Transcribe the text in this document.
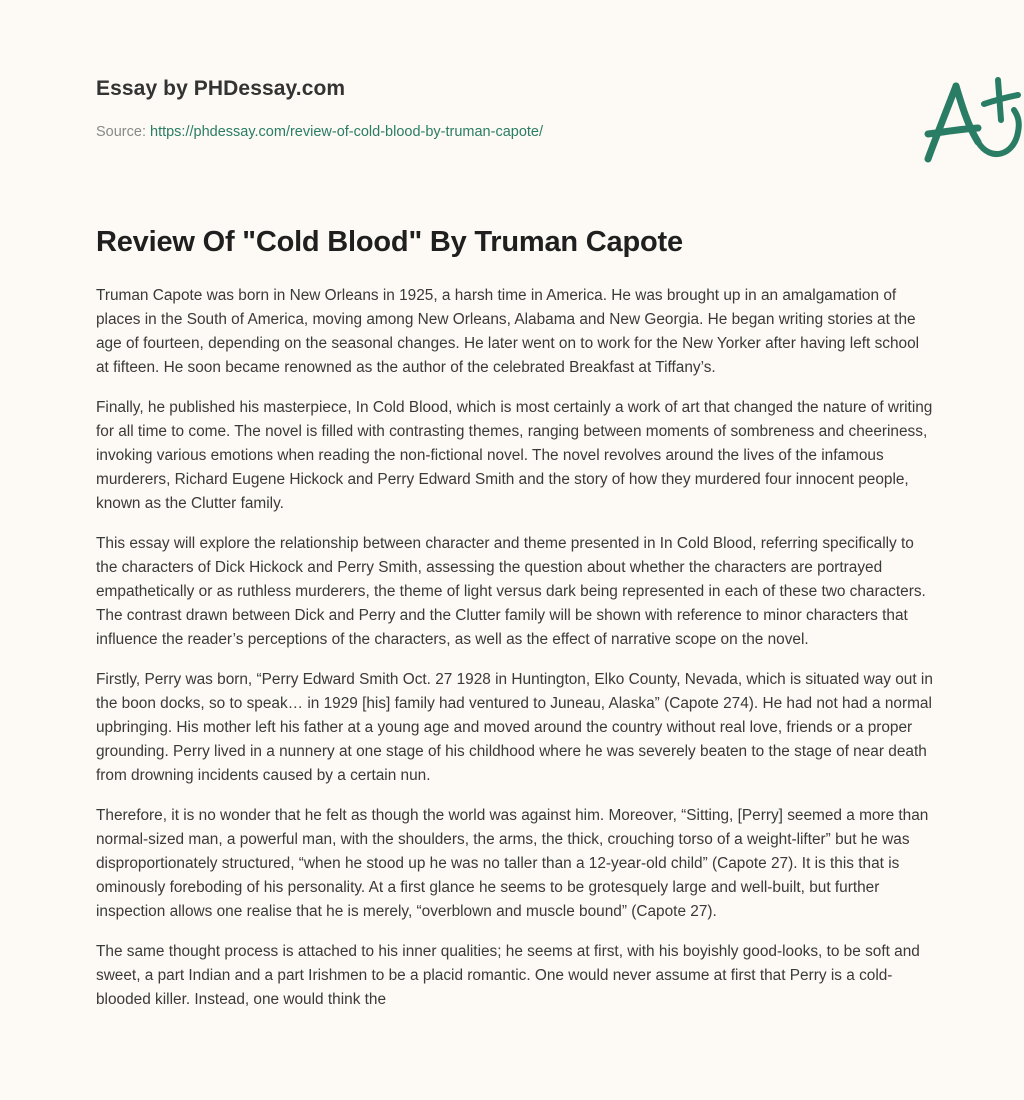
Essay by PHDessay.com
Source: https://phdessay.com/review-of-cold-blood-by-truman-capote/
Review Of "Cold Blood" By Truman Capote

Truman Capote was born in New Orleans in 1925, a harsh time in America. He was brought up in an amalgamation of places in the South of America, moving among New Orleans, Alabama and New Georgia. He began writing stories at the age of fourteen, depending on the seasonal changes. He later went on to work for the New Yorker after having left school at fifteen. He soon became renowned as the author of the celebrated Breakfast at Tiffany’s.

Finally, he published his masterpiece, In Cold Blood, which is most certainly a work of art that changed the nature of writing for all time to come. The novel is filled with contrasting themes, ranging between moments of sombreness and cheeriness, invoking various emotions when reading the non-fictional novel. The novel revolves around the lives of the infamous murderers, Richard Eugene Hickock and Perry Edward Smith and the story of how they murdered four innocent people, known as the Clutter family.

This essay will explore the relationship between character and theme presented in In Cold Blood, referring specifically to the characters of Dick Hickock and Perry Smith, assessing the question about whether the characters are portrayed empathetically or as ruthless murderers, the theme of light versus dark being represented in each of these two characters. The contrast drawn between Dick and Perry and the Clutter family will be shown with reference to minor characters that influence the reader’s perceptions of the characters, as well as the effect of narrative scope on the novel.

Firstly, Perry was born, “Perry Edward Smith Oct. 27 1928 in Huntington, Elko County, Nevada, which is situated way out in the boon docks, so to speak… in 1929 [his] family had ventured to Juneau, Alaska” (Capote 274). He had not had a normal upbringing. His mother left his father at a young age and moved around the country without real love, friends or a proper grounding. Perry lived in a nunnery at one stage of his childhood where he was severely beaten to the stage of near death from drowning incidents caused by a certain nun.

Therefore, it is no wonder that he felt as though the world was against him. Moreover, “Sitting, [Perry] seemed a more than normal-sized man, a powerful man, with the shoulders, the arms, the thick, crouching torso of a weight-lifter” but he was disproportionately structured, “when he stood up he was no taller than a 12-year-old child” (Capote 27). It is this that is ominously foreboding of his personality. At a first glance he seems to be grotesquely large and well-built, but further inspection allows one realise that he is merely, “overblown and muscle bound” (Capote 27).

The same thought process is attached to his inner qualities; he seems at first, with his boyishly good-looks, to be soft and sweet, a part Indian and a part Irishmen to be a placid romantic. One would never assume at first that Perry is a cold-blooded killer. Instead, one would think the
